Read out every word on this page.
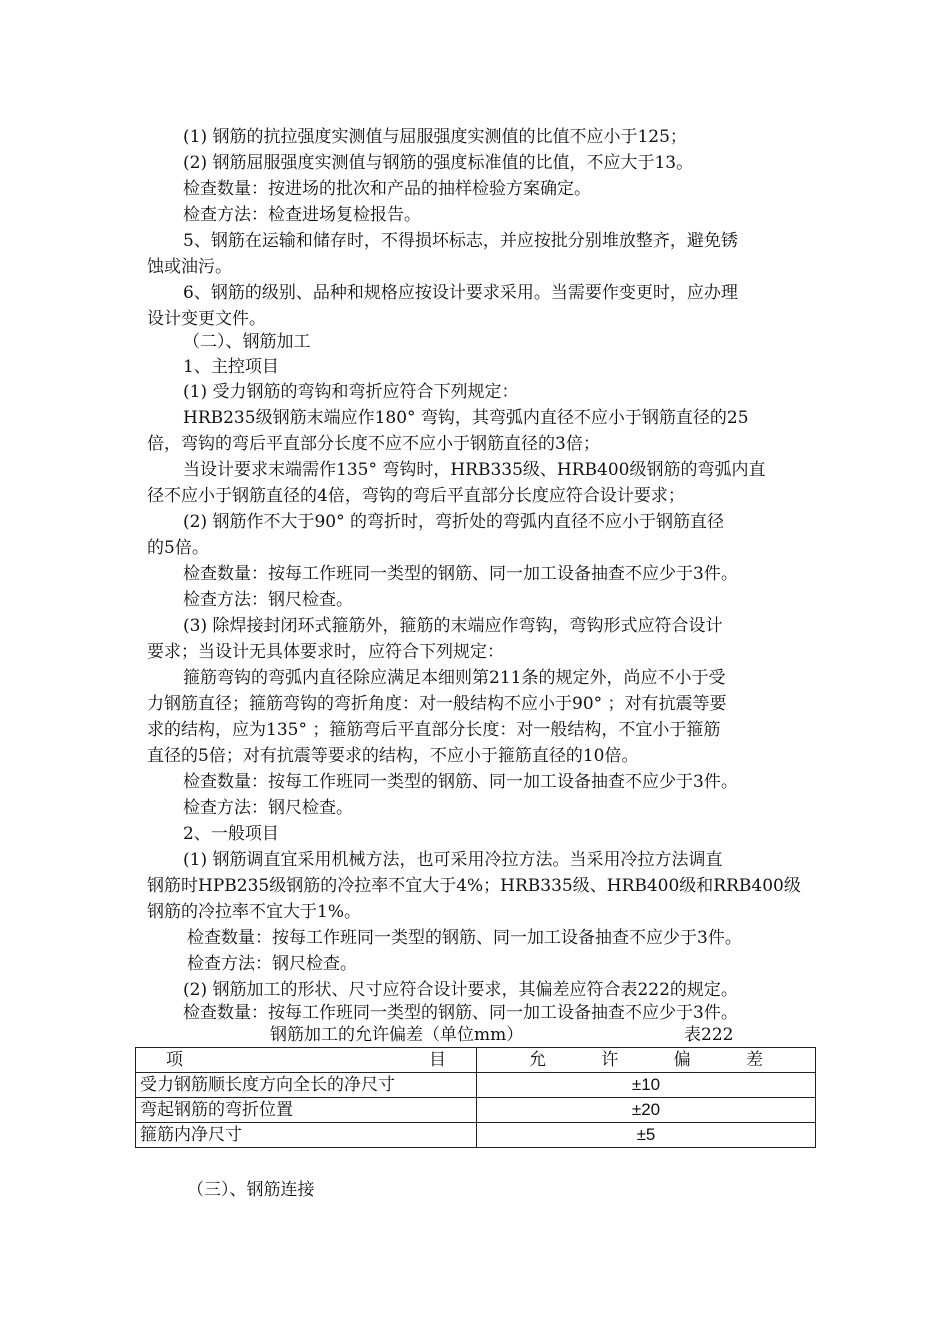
(1) 钢筋的抗拉强度实测值与屈服强度实测值的比值不应小于125；
(2) 钢筋屈服强度实测值与钢筋的强度标准值的比值，不应大于13。
检查数量：按进场的批次和产品的抽样检验方案确定。
检查方法：检查进场复检报告。
5、钢筋在运输和储存时，不得损坏标志，并应按批分别堆放整齐，避免锈
蚀或油污。
6、钢筋的级别、品种和规格应按设计要求采用。当需要作变更时，应办理
设计变更文件。
（二）、钢筋加工
1、主控项目
(1) 受力钢筋的弯钩和弯折应符合下列规定：
HRB235级钢筋末端应作180° 弯钩，其弯弧内直径不应小于钢筋直径的25
倍，弯钩的弯后平直部分长度不应不应小于钢筋直径的3倍；
当设计要求末端需作135° 弯钩时，HRB335级、HRB400级钢筋的弯弧内直
径不应小于钢筋直径的4倍，弯钩的弯后平直部分长度应符合设计要求；
(2) 钢筋作不大于90° 的弯折时，弯折处的弯弧内直径不应小于钢筋直径
的5倍。
检查数量：按每工作班同一类型的钢筋、同一加工设备抽查不应少于3件。
检查方法：钢尺检查。
(3) 除焊接封闭环式箍筋外，箍筋的末端应作弯钩，弯钩形式应符合设计
要求；当设计无具体要求时，应符合下列规定：
箍筋弯钩的弯弧内直径除应满足本细则第211条的规定外，尚应不小于受
力钢筋直径；箍筋弯钩的弯折角度：对一般结构不应小于90° ；对有抗震等要
求的结构，应为135° ；箍筋弯后平直部分长度：对一般结构，不宜小于箍筋
直径的5倍；对有抗震等要求的结构，不应小于箍筋直径的10倍。
检查数量：按每工作班同一类型的钢筋、同一加工设备抽查不应少于3件。
检查方法：钢尺检查。
2、一般项目
(1) 钢筋调直宜采用机械方法，也可采用冷拉方法。当采用冷拉方法调直
钢筋时HPB235级钢筋的冷拉率不宜大于4%；HRB335级、HRB400级和RRB400级
钢筋的冷拉率不宜大于1%。
检查数量：按每工作班同一类型的钢筋、同一加工设备抽查不应少于3件。
检查方法：钢尺检查。
(2) 钢筋加工的形状、尺寸应符合设计要求，其偏差应符合表222的规定。
检查数量：按每工作班同一类型的钢筋、同一加工设备抽查不应少于3件。
钢筋加工的允许偏差（单位mm）	表222
项 目	允 许 偏 差

受力钢筋顺长度方向全长的净尺寸	±10
弯起钢筋的弯折位置	±20
箍筋内净尺寸	±5
（三）、钢筋连接
